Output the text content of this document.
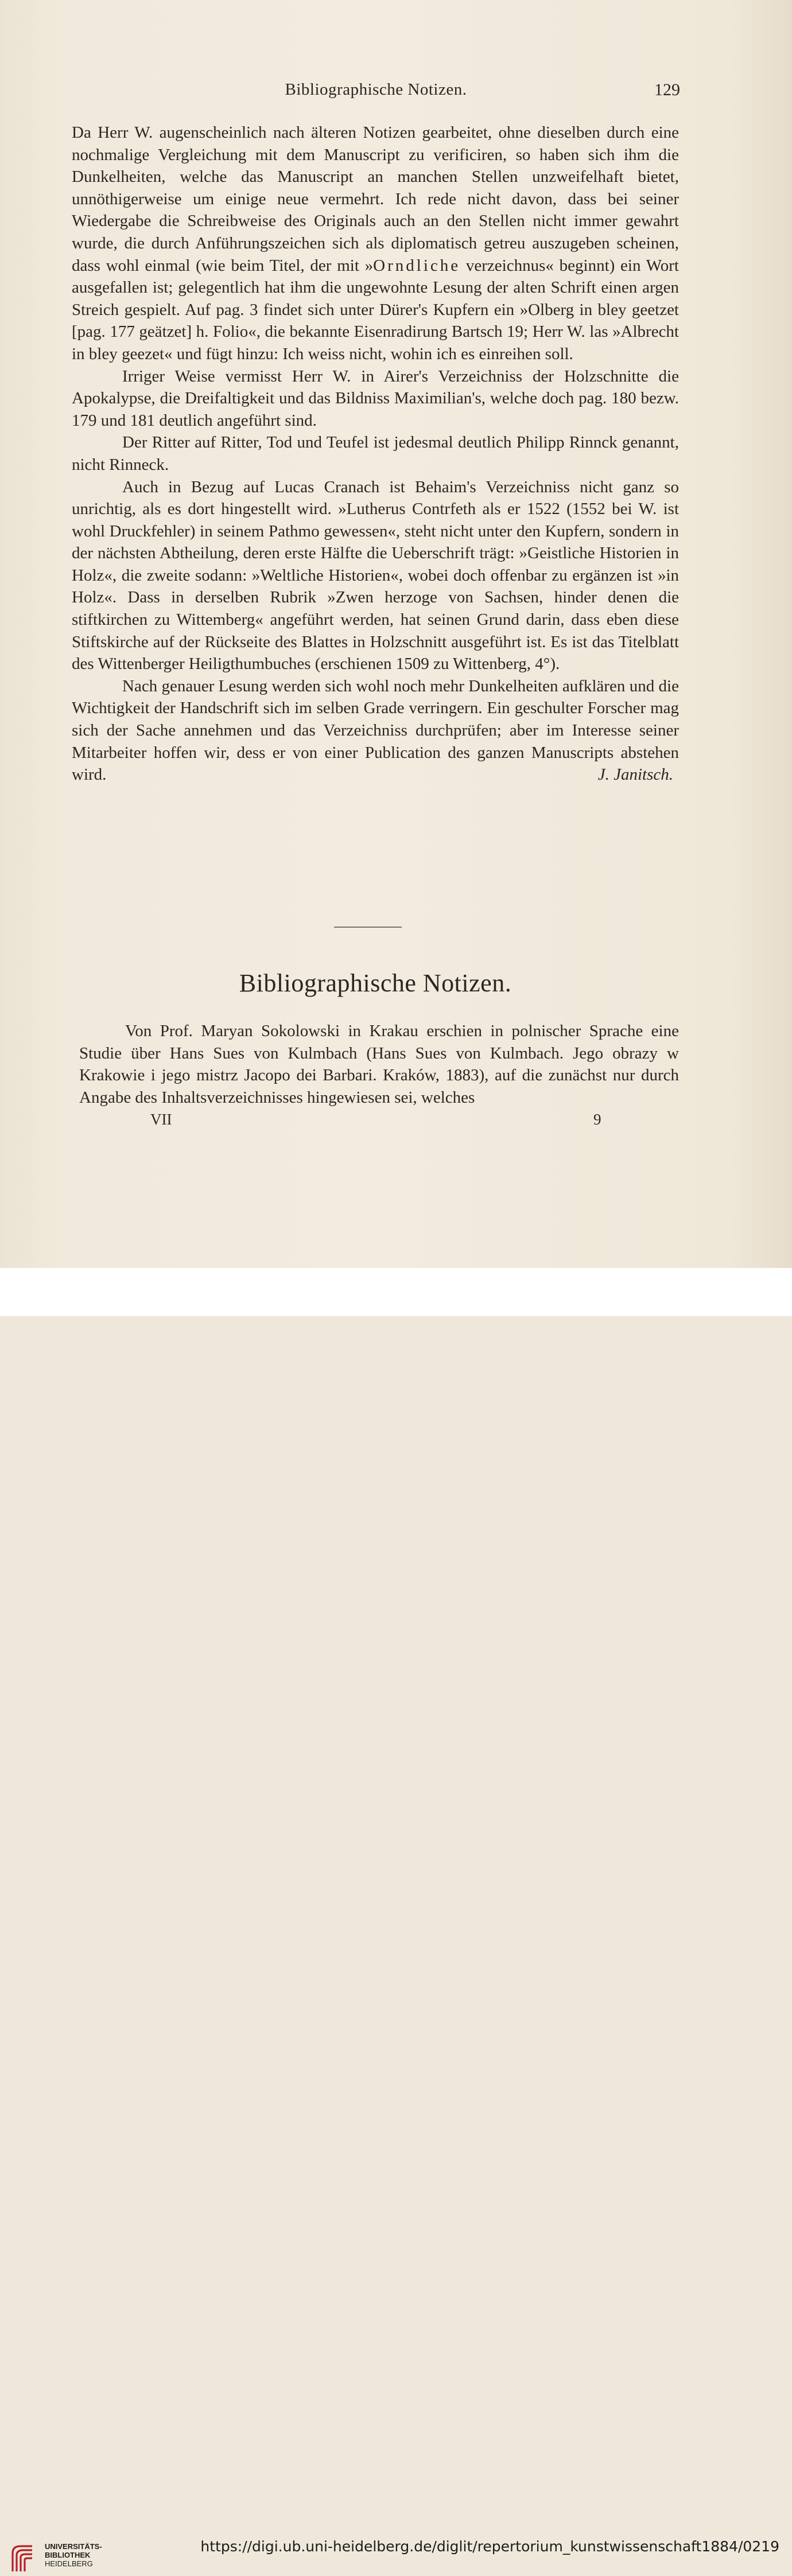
Bibliographische Notizen.	129

Da Herr W. augenscheinlich nach älteren Notizen gearbeitet, ohne dieselben durch eine nochmalige Vergleichung mit dem Manuscript zu verificiren, so haben sich ihm die Dunkelheiten, welche das Manuscript an manchen Stellen unzweifelhaft bietet, unnöthigerweise um einige neue vermehrt. Ich rede nicht davon, dass bei seiner Wiedergabe die Schreibweise des Originals auch an den Stellen nicht immer gewahrt wurde, die durch Anführungszeichen sich als diplomatisch getreu auszugeben scheinen, dass wohl einmal (wie beim Titel, der mit »Orndliche verzeichnus« beginnt) ein Wort ausgefallen ist; gelegentlich hat ihm die ungewohnte Lesung der alten Schrift einen argen Streich gespielt. Auf pag. 3 findet sich unter Dürer's Kupfern ein »Olberg in bley geetzet [pag. 177 geätzet] h. Folio«, die bekannte Eisenradirung Bartsch 19; Herr W. las »Albrecht in bley geezet« und fügt hinzu: Ich weiss nicht, wohin ich es einreihen soll.

Irriger Weise vermisst Herr W. in Airer's Verzeichniss der Holzschnitte die Apokalypse, die Dreifaltigkeit und das Bildniss Maximilian's, welche doch pag. 180 bezw. 179 und 181 deutlich angeführt sind.

Der Ritter auf Ritter, Tod und Teufel ist jedesmal deutlich Philipp Rinnck genannt, nicht Rinneck.

Auch in Bezug auf Lucas Cranach ist Behaim's Verzeichniss nicht ganz so unrichtig, als es dort hingestellt wird. »Lutherus Contrfeth als er 1522 (1552 bei W. ist wohl Druckfehler) in seinem Pathmo gewessen«, steht nicht unter den Kupfern, sondern in der nächsten Abtheilung, deren erste Hälfte die Ueberschrift trägt: »Geistliche Historien in Holz«, die zweite sodann: »Weltliche Historien«, wobei doch offenbar zu ergänzen ist »in Holz«. Dass in derselben Rubrik »Zwen herzoge von Sachsen, hinder denen die stiftkirchen zu Wittemberg« angeführt werden, hat seinen Grund darin, dass eben diese Stiftskirche auf der Rückseite des Blattes in Holzschnitt ausgeführt ist. Es ist das Titelblatt des Wittenberger Heiligthumbuches (erschienen 1509 zu Wittenberg, 4°).

Nach genauer Lesung werden sich wohl noch mehr Dunkelheiten aufklären und die Wichtigkeit der Handschrift sich im selben Grade verringern. Ein geschulter Forscher mag sich der Sache annehmen und das Verzeichniss durchprüfen; aber im Interesse seiner Mitarbeiter hoffen wir, dess er von einer Publication des ganzen Manuscripts abstehen wird.	J. Janitsch.

Bibliographische Notizen.

Von Prof. Maryan Sokolowski in Krakau erschien in polnischer Sprache eine Studie über Hans Sues von Kulmbach (Hans Sues von Kulmbach. Jego obrazy w Krakowie i jego mistrz Jacopo dei Barbari. Kraków, 1883), auf die zunächst nur durch Angabe des Inhaltsverzeichnisses hingewiesen sei, welches

VII	9
UNIVERSITÄTS-
BIBLIOTHEK
HEIDELBERG
https://digi.ub.uni-heidelberg.de/diglit/repertorium_kunstwissenschaft1884/0219
